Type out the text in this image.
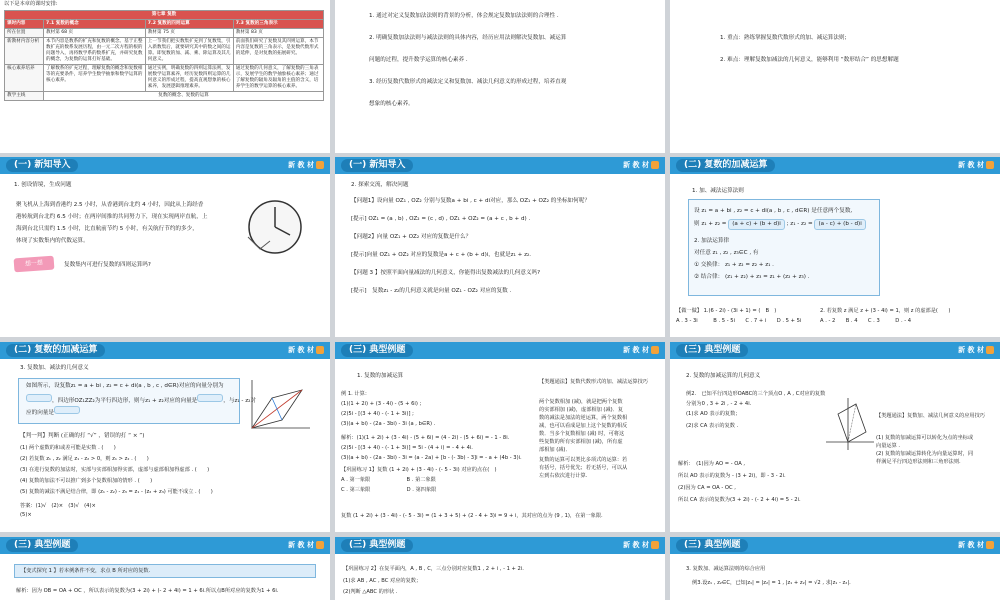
以下是本章的课时安排:
第七章 复数			
课时内容	7.1 复数的概念	7.2 复数的四则运算	7.3 复数的三角表示
所在位置	教材第 68 页	教材第 75 页	教材第 83 页
新教材内容分析	本节内容是数系的扩充和复数的概念。基于正整数扩充的数系发展历程，由一元二次方程的根的问题导入，再将数学系的数系扩充，并研究复数的概念，为复数的运算打好基础。	上一节我们把实数集扩充到了复数集，引入新数集后，就要研究其中的数之间的运算。即复数的加、减、乘、除运算及其几何意义。	前面我们研究了复数及其四则运算，本节内容是复数的三角表示，是复数代数形式的延伸，是对复数的拓展研究。
核心素养培养	了解数系的扩充过程，理解复数的概念和复数相等的充要条件，培养学生数学抽象和数学运算的核心素养。	通过实例，明确复数的四则运算法则，发展数学运算素养，经历复数四则运算的几何意义的形成过程，提高直观想象的核心素养，发展逻辑推理素养。	通过复数的几何意义，了解复数的三角表示，发展学生的数学抽象核心素养；通过了解复数的辐角及辐角的主值的含义，培养学生的数学运算的核心素养。
教学主线	复数的概念、复数的运算		
1. 通过对定义复数加法法则的背景的分析，体会规定复数加法法则的合理性 .
2. 明确复数加法法则与减法法则的具体内容，经历应用法则解决复数加、减运算
问题的过程，提升数学运算的核心素养 .
3. 经历复数代数形式的减法定义和复数加、减法几何意义的形成过程，培养直观
想象的核心素养。
1. 重点：熟练掌握复数代数形式的加、减运算法则;
2. 难点：理解复数加减法的几何意义，能够利用 “数形结合” 的思想解题
(一) 新知导入	新 教 材
1. 创设情境，生成问题
聚飞机从上海到香港约 2.5 小时，从香港到台北约 4 小时，因此从上海经香
港转航到台北约 6.5 小时；在两岸间推的共同努力下，现在实现两岸直航，上
海到台北只需约 1.5 小时，比直航前节约 5 小时，有关航行节约的多少，
体现了实数集内的代数运算。
想一想	复数集内可进行复数的四则运算吗?
(一) 新知导入	新 教 材
2. 探索交流，解决问题
【问题1】设向量 OZ₁ , OZ₂ 分别与复数a + bi , c + di对应，那么 OZ₁ + OZ₂ 的坐标如何呢？
[提示] OZ₁ = (a , b) , OZ₂ = (c , d) , OZ₁ + OZ₂ = (a + c , b + d) .
【问题2】向量 OZ₁ + OZ₂ 对应的复数是什么？
[提示]向量 OZ₁ + OZ₂ 对应的复数是a + c + (b + d)i，也就是z₁ + z₂.
【问题 3 】按照平面向量减法的几何意义，你能得出复数减法的几何意义吗?
[提示]　复数z₁ - z₂的几何意义就是向量 OZ₁ - OZ₂ 对应的复数 .
(二) 复数的加减运算	新 教 材
1. 加、减法运算法则
设 z₁ = a + bi , z₂ = c + di(a , b , c , d∈R) 是任意两个复数,
则 z₁ + z₂ = (a + c) + (b + d)i ; z₁ - z₂ = (a - c) + (b - d)i
2. 加法运算律
对任意 z₁ , z₂ , z₃∈C , 有
① 交换律： z₁ + z₂ = z₂ + z₁ .
② 结合律： (z₁ + z₂) + z₃ = z₁ + (z₂ + z₃) .
【做一做】 1.(6 - 2i) - (3i + 1) = (　B　)
A . 3 - 3i　　　B . 5 - 5i　　C . 7 + i　　D . 5 + 5i
2. 若复数 z 满足 z + (3 - 4i) = 1，则 z 的虚部是(　　)
A . - 2　　B . 4　　C . 3　　　D . - 4
(二) 复数的加减运算	新 教 材
3. 复数加、减法的几何意义
如图所示，设复数z₁ = a + bi , z₂ = c + di(a , b , c , d∈R)对应的向量分别为
，四边形OZ₁ZZ₂为平行四边形，则与z₁ + z₂对应的向量是	，与z₁ - z₂对
应的向量是
【判一判】判断 (正确的打 “√” ，错误的打 “ × ”)
(1) 两个虚数的和或差可能是实数 . (　　)
(2) 若复数 z₁ , z₂ 满足 z₁ - z₂ > 0，则 z₁ > z₂ . (　　)
(3) 在进行复数的加法时，实部与实部相加得实部，虚部与虚部相加得虚部 . (　　)
(4) 复数的加法不可以推广到多个复数相加的情形 . (　　)
(5) 复数的减法不满足结合律，即 (z₁ - z₂) - z₃ = z₁ - (z₂ + z₃) 可能不成立 . (　　)
答案：(1)√　(2)×　(3)√　(4)×
(5)×
(三) 典型例题	新 教 材
1. 复数的加减运算
例 1. 计算：
(1)(1 + 2i) + (3 - 4i) - (5 + 6i) ;
(2)5i - [(3 + 4i) - (- 1 + 3i)] ;
(3)(a + bi) - (2a - 3bi) - 3i (a , b∈R) .
解析：(1)(1 + 2i) + (3 - 4i) - (5 + 6i) = (4 - 2i) - (5 + 6i) = - 1 - 8i.
(2)5i - [(3 + 4i) - (- 1 + 3i)] = 5i - (4 + i) = - 4 + 4i.
(3)(a + bi) - (2a - 3bi) - 3i = (a - 2a) + [b - (- 3b) - 3]i = - a + (4b - 3)i.
【巩固练习 1】复数 (1 + 2i) + (3 - 4i) - (- 5 - 3i) 对应的点在(　)
A . 第一象限　　　　　　　B . 第二象限
C . 第三象限　　　　　　　D . 第四象限
复数 (1 + 2i) + (3 - 4i) - (- 5 - 3i) = (1 + 3 + 5) + (2 - 4 + 3)i = 9 + i，其对应的点为 (9 , 1)，在第一象限.
【类题通法】复数代数形式的加、减法运算技巧
两个复数相加 (减)，就是把两个复数
的实部相加 (减)，虚部相加 (减)．复
数的减法是加法的逆运算，两个复数相
减，也可以看成是加上这个复数的相反
数．当多个复数相加 (减) 时，可将这
些复数的所有实部相加 (减)，所有虚
部相加 (减)．
复数的运算可以类比多项式的运算：若
有括号，括号优先；若无括号，可以从
左到右依次进行计算.
(三) 典型例题	新 教 材
2. 复数的加减运算的几何意义
例2.　已知平行四边形OABC的三个顶点O , A , C对应的复数
分别为0 , 3 + 2i , - 2 + 4i.
(1)求 AO 表示的复数；
(2)求 CA 表示的复数 .
解析：　(1)因为 AO = - OA ,
所以 AO 表示的复数为 - (3 + 2i)，即 - 3 - 2i.
(2)因为 CA = OA - OC ,
所以 CA 表示的复数为(3 + 2i) - (- 2 + 4i) = 5 - 2i.
【类题通法】复数加、减法几何意义的应用技巧
(1) 复数的加减运算可以转化为点的坐标或
向量运算 .
(2) 复数的加减运算转化为向量运算时，同
样满足平行四边形法则和三角形法则.
(三) 典型例题	新 教 材
【变式探究 1 】若本例条件不变，求点 B 所对应的复数.
解析：因为 OB = OA + OC ，所以表示的复数为(3 + 2i) + (- 2 + 4i) = 1 + 6i.所以点B所对应的复数为1 + 6i.
(三) 典型例题	新 教 材
【巩固练习 2】在复平面内，A , B , C，三点分别对应复数1 , 2 + i , - 1 + 2i.
(1)求 AB , AC , BC 对应的复数；
(2)判断 △ABC 的形状 .
(三) 典型例题	新 教 材
3. 复数加、减运算法则的综合应用
例3.设z₁ , z₂∈C，已知|z₁| = |z₂| = 1 , |z₁ + z₂| = √2 , 求|z₁ - z₂|.
